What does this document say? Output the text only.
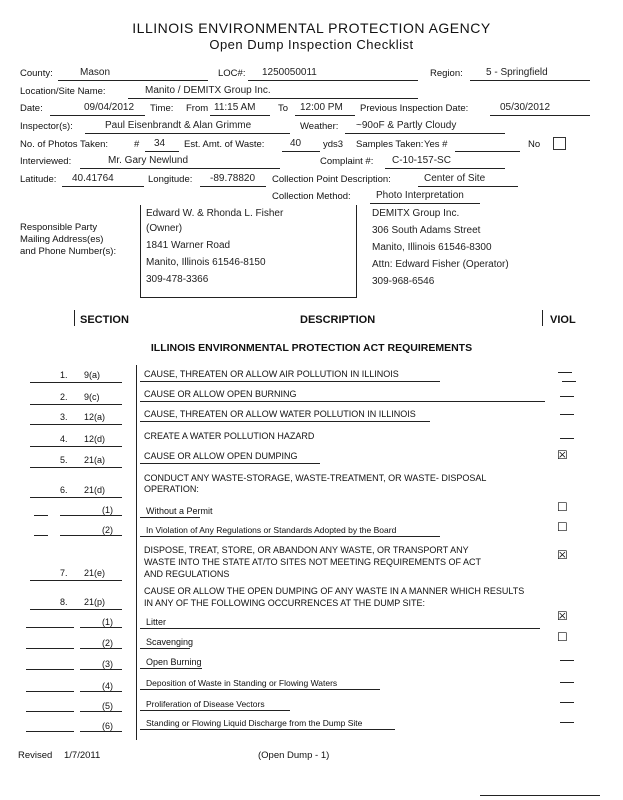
ILLINOIS ENVIRONMENTAL PROTECTION AGENCY
Open Dump Inspection Checklist
County:	Mason	LOC#: 1250050011	Region: 5 - Springfield
Location/Site Name:	Manito / DEMITX Group Inc.
Date:	09/04/2012 Time: From 11:15 AM To 12:00 PM Previous Inspection Date:	05/30/2012
Inspector(s):	Paul Eisenbrandt & Alan Grimme	Weather: ~90oF & Partly Cloudy
No. of Photos Taken:	# 34 Est. Amt. of Waste:	40 yds3 Samples Taken: Yes #	No
Interviewed:	Mr. Gary Newlund	Complaint #: C-10-157-SC
Latitude: 40.41764	Longitude: -89.78820 Collection Point Description:	Center of Site
Collection Method:	Photo Interpretation
Responsible Party
Mailing Address(es)
and Phone Number(s):
Edward W. & Rhonda L. Fisher
(Owner)
1841 Warner Road
Manito, Illinois 61546-8150
309-478-3366
DEMITX Group Inc.
306 South Adams Street
Manito, Illinois 61546-8300
Attn: Edward Fisher (Operator)
309-968-6546
SECTION	DESCRIPTION	VIOL
ILLINOIS ENVIRONMENTAL PROTECTION ACT REQUIREMENTS
1. 9(a)	CAUSE, THREATEN OR ALLOW AIR POLLUTION IN ILLINOIS
2. 9(c)	CAUSE OR ALLOW OPEN BURNING
3. 12(a)	CAUSE, THREATEN OR ALLOW WATER POLLUTION IN ILLINOIS
4. 12(d)	CREATE A WATER POLLUTION HAZARD
5. 21(a)	CAUSE OR ALLOW OPEN DUMPING	☒
6. 21(d)
CONDUCT ANY WASTE-STORAGE, WASTE-TREATMENT, OR WASTE- DISPOSAL
OPERATION:
(1)	Without a Permit	☐
(2)	In Violation of Any Regulations or Standards Adopted by the Board	☐
7. 21(e)
DISPOSE, TREAT, STORE, OR ABANDON ANY WASTE, OR TRANSPORT ANY
WASTE INTO THE STATE AT/TO SITES NOT MEETING REQUIREMENTS OF ACT
AND REGULATIONS
☒
8. 21(p)
CAUSE OR ALLOW THE OPEN DUMPING OF ANY WASTE IN A MANNER WHICH RESULTS
IN ANY OF THE FOLLOWING OCCURRENCES AT THE DUMP SITE:
(1)	Litter	☒
(2)	Scavenging	☐
(3)	Open Burning
(4)	Deposition of Waste in Standing or Flowing Waters
(5)	Proliferation of Disease Vectors
(6)	Standing or Flowing Liquid Discharge from the Dump Site
Revised 1/7/2011	(Open Dump - 1)
